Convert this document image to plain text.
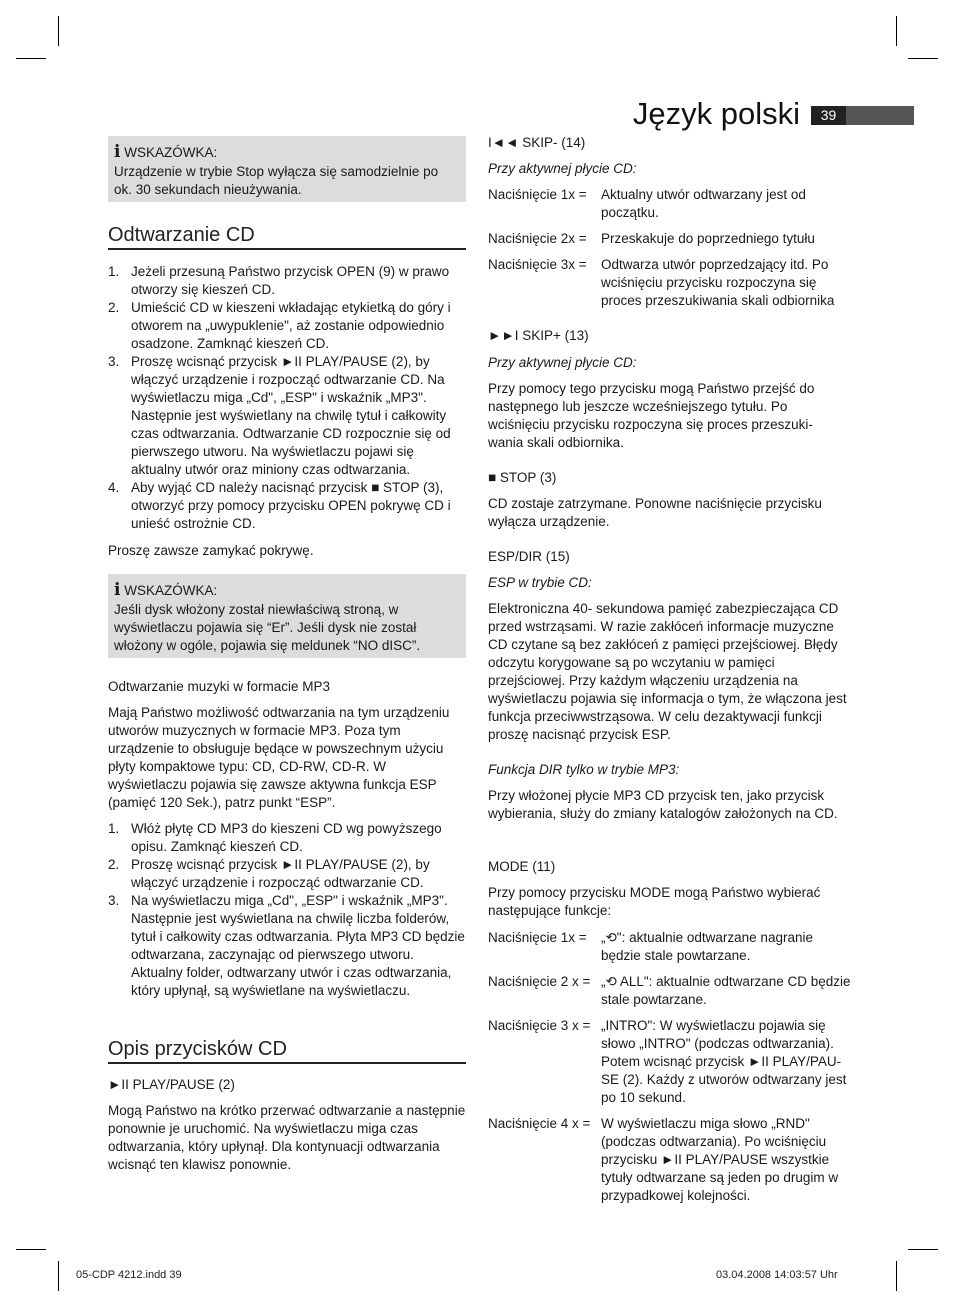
Język polski	39
i WSKAZÓWKA:
Urządzenie w trybie Stop wyłącza się samodzielnie po ok. 30 sekundach nieużywania.
Odtwarzanie CD
1. Jeżeli przesuną Państwo przycisk OPEN (9) w prawo otworzy się kieszeń CD.
2. Umieścić CD w kieszeni wkładając etykietką do góry i otworem na „uwypuklenie", aż zostanie odpowiednio osadzone. Zamknąć kieszeń CD.
3. Proszę wcisnąć przycisk ►II PLAY/PAUSE (2), by włączyć urządzenie i rozpocząć odtwarzanie CD. Na wyświetlaczu miga „Cd", „ESP" i wskaźnik „MP3". Następnie jest wyświetlany na chwilę tytuł i całkowity czas odtwarzania. Odtwarzanie CD rozpocznie się od pierwszego utworu. Na wyświetlaczu pojawi się aktualny utwór oraz miniony czas odtwarzania.
4. Aby wyjąć CD należy nacisnąć przycisk ■ STOP (3), otworzyć przy pomocy przycisku OPEN pokrywę CD i unieść ostrożnie CD.

Proszę zawsze zamykać pokrywę.

i WSKAZÓWKA:
Jeśli dysk włożony został niewłaściwą stroną, w wyświetlaczu pojawia się “Er”. Jeśli dysk nie został włożony w ogóle, pojawia się meldunek “NO dISC”.
Odtwarzanie muzyki w formacie MP3

Mają Państwo możliwość odtwarzania na tym urządzeniu utworów muzycznych w formacie MP3. Poza tym urządzenie to obsługuje będące w powszechnym użyciu płyty kompaktowe typu: CD, CD-RW, CD-R. W wyświetlaczu pojawia się zawsze aktywna funkcja ESP (pamięć 120 Sek.), patrz punkt “ESP”.

1. Włóż płytę CD MP3 do kieszeni CD wg powyższego opisu. Zamknąć kieszeń CD.
2. Proszę wcisnąć przycisk ►II PLAY/PAUSE (2), by włączyć urządzenie i rozpocząć odtwarzanie CD.
3. Na wyświetlaczu miga „Cd", „ESP" i wskaźnik „MP3". Następnie jest wyświetlana na chwilę liczba folderów, tytuł i całkowity czas odtwarzania. Płyta MP3 CD będzie odtwarzana, zaczynając od pierwszego utworu. Aktualny folder, odtwarzany utwór i czas odtwarzania, który upłynął, są wyświetlane na wyświetlaczu.
Opis przycisków CD
►II PLAY/PAUSE (2)

Mogą Państwo na krótko przerwać odtwarzanie a następnie ponownie je uruchomić. Na wyświetlaczu miga czas odtwarzania, który upłynął. Dla kontynuacji odtwarzania wcisnąć ten klawisz ponownie.

I◄◄ SKIP- (14)
Przy aktywnej płycie CD:
Naciśnięcie 1x =	Aktualny utwór odtwarzany jest od początku.
Naciśnięcie 2x =	Przeskakuje do poprzedniego tytułu
Naciśnięcie 3x =	Odtwarza utwór poprzedzający itd. Po wciśnięciu przycisku rozpoczyna się proces przeszukiwania skali odbiornika
►►I SKIP+ (13)
Przy aktywnej płycie CD:

Przy pomocy tego przycisku mogą Państwo przejść do następnego lub jeszcze wcześniejszego tytułu. Po wciśnięciu przycisku rozpoczyna się proces przeszuki-wania skali odbiornika.

■ STOP (3)

CD zostaje zatrzymane. Ponowne naciśnięcie przycisku wyłącza urządzenie.

ESP/DIR (15)
ESP w trybie CD:

Elektroniczna 40- sekundowa pamięć zabezpieczająca CD przed wstrząsami. W razie zakłóceń informacje muzyczne CD czytane są bez zakłóceń z pamięci przejściowej. Błędy odczytu korygowane są po wczytaniu w pamięci przejściowej. Przy każdym włączeniu urządzenia na wyświetlaczu pojawia się informacja o tym, że włączona jest funkcja przeciwwstrząsowa. W celu dezaktywacji funkcji proszę nacisnąć przycisk ESP.

Funkcja DIR tylko w trybie MP3:

Przy włożonej płycie MP3 CD przycisk ten, jako przycisk wybierania, służy do zmiany katalogów założonych na CD.

MODE (11)

Przy pomocy przycisku MODE mogą Państwo wybierać następujące funkcje:

Naciśnięcie 1x =	„⟲": aktualnie odtwarzane nagranie będzie stale powtarzane.
Naciśnięcie 2 x = „⟲ ALL": aktualnie odtwarzane CD będzie stale powtarzane.
Naciśnięcie 3 x = „INTRO": W wyświetlaczu pojawia się słowo „INTRO" (podczas odtwarzania). Potem wcisnąć przycisk ►II PLAY/PAU-SE (2). Każdy z utworów odtwarzany jest po 10 sekund.
Naciśnięcie 4 x = W wyświetlaczu miga słowo „RND" (podczas odtwarzania). Po wciśnięciu przycisku ►II PLAY/PAUSE wszystkie tytuły odtwarzane są jeden po drugim w przypadkowej kolejności.
05-CDP 4212.indd 39	03.04.2008 14:03:57 Uhr
